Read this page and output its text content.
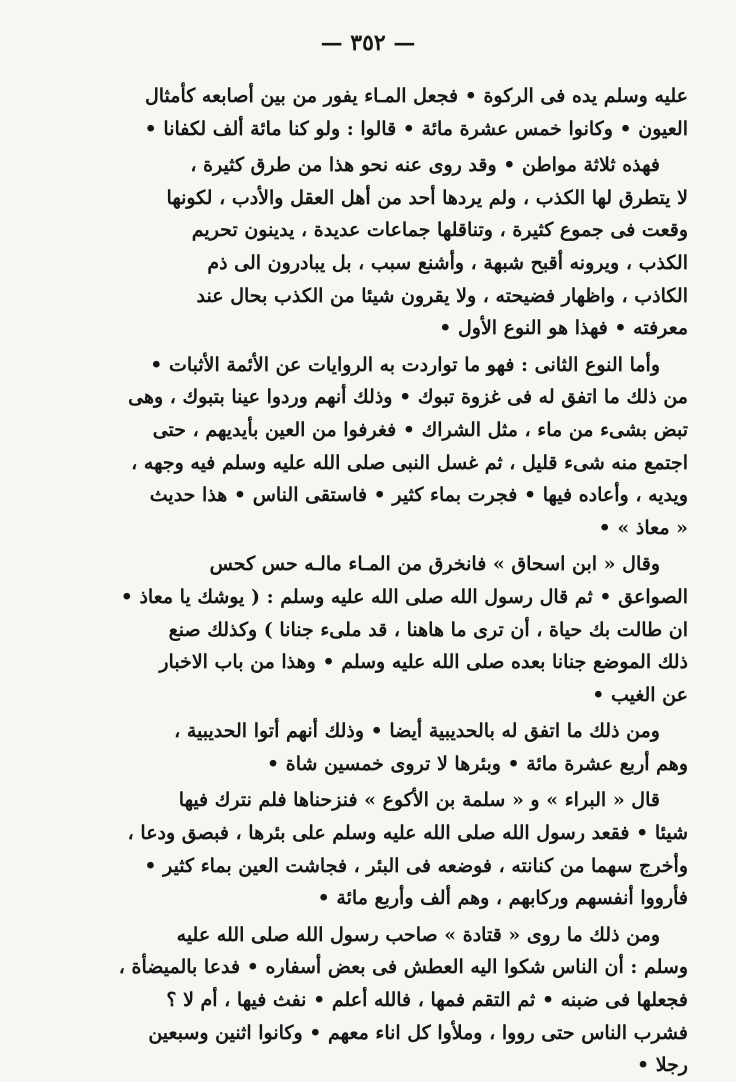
— ٣٥٢ —
عليه وسلم يده فى الركوة • فجعل المـاء يفور من بين أصابعه كأمثال
العيون • وكانوا خمس عشرة مائة • قالوا : ولو كنا مائة ألف لكفانا •
فهذه ثلاثة مواطن • وقد روى عنه نحو هذا من طرق كثيرة ،
لا يتطرق لها الكذب ، ولم يردها أحد من أهل العقل والأدب ، لكونها
وقعت فى جموع كثيرة ، وتناقلها جماعات عديدة ، يدينون تحريم
الكذب ، ويرونه أقبح شبهة ، وأشنع سبب ، بل يبادرون الى ذم
الكاذب ، واظهار فضيحته ، ولا يقرون شيئا من الكذب بحال عند
معرفته • فهذا هو النوع الأول •
وأما النوع الثانى : فهو ما تواردت به الروايات عن الأئمة الأثبات •
من ذلك ما اتفق له فى غزوة تبوك • وذلك أنهم وردوا عينا بتبوك ، وهى
تبض بشىء من ماء ، مثل الشراك • فغرفوا من العين بأيديهم ، حتى
اجتمع منه شىء قليل ، ثم غسل النبى صلى الله عليه وسلم فيه وجهه ،
ويديه ، وأعاده فيها • فجرت بماء كثير • فاستقى الناس • هذا حديث
« معاذ » •
وقال « ابن اسحاق » فانخرق من المـاء مالـه حس كحس
الصواعق • ثم قال رسول الله صلى الله عليه وسلم : ( يوشك يا معاذ •
ان طالت بك حياة ، أن ترى ما هاهنا ، قد ملىء جنانا ) وكذلك صنع
ذلك الموضع جنانا بعده صلى الله عليه وسلم • وهذا من باب الاخبار
عن الغيب •
ومن ذلك ما اتفق له بالحديبية أيضا • وذلك أنهم أتوا الحديبية ،
وهم أربع عشرة مائة • وبئرها لا تروى خمسين شاة •
قال « البراء » و « سلمة بن الأكوع » فنزحناها فلم نترك فيها
شيئا • فقعد رسول الله صلى الله عليه وسلم على بئرها ، فبصق ودعا ،
وأخرج سهما من كنانته ، فوضعه فى البئر ، فجاشت العين بماء كثير •
فأرووا أنفسهم وركابهم ، وهم ألف وأربع مائة •
ومن ذلك ما روى « قتادة » صاحب رسول الله صلى الله عليه
وسلم : أن الناس شكوا اليه العطش فى بعض أسفاره • فدعا بالميضأة ،
فجعلها فى ضبنه • ثم التقم فمها ، فالله أعلم • نفث فيها ، أم لا ؟
فشرب الناس حتى رووا ، وملأوا كل اناء معهم • وكانوا اثنين وسبعين
رجلا •
